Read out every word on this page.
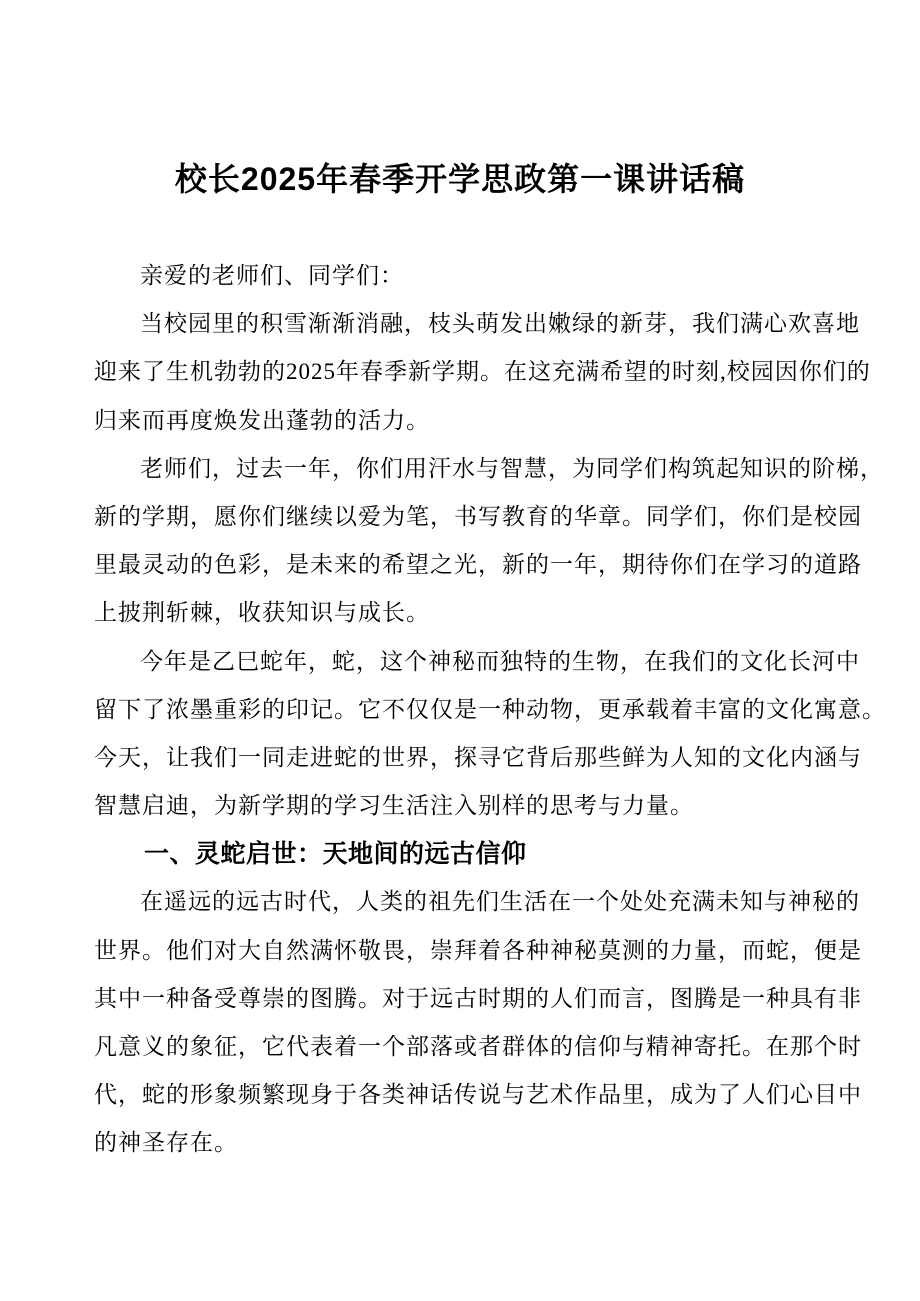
校长2025年春季开学思政第一课讲话稿
亲爱的老师们、同学们：
当校园里的积雪渐渐消融，枝头萌发出嫩绿的新芽，我们满心欢喜地
迎来了生机勃勃的2025年春季新学期。在这充满希望的时刻,校园因你们的
归来而再度焕发出蓬勃的活力。
老师们，过去一年，你们用汗水与智慧，为同学们构筑起知识的阶梯，
新的学期，愿你们继续以爱为笔，书写教育的华章。同学们，你们是校园
里最灵动的色彩，是未来的希望之光，新的一年，期待你们在学习的道路
上披荆斩棘，收获知识与成长。
今年是乙巳蛇年，蛇，这个神秘而独特的生物，在我们的文化长河中
留下了浓墨重彩的印记。它不仅仅是一种动物，更承载着丰富的文化寓意。
今天，让我们一同走进蛇的世界，探寻它背后那些鲜为人知的文化内涵与
智慧启迪，为新学期的学习生活注入别样的思考与力量。
一、灵蛇启世：天地间的远古信仰
在遥远的远古时代，人类的祖先们生活在一个处处充满未知与神秘的
世界。他们对大自然满怀敬畏，崇拜着各种神秘莫测的力量，而蛇，便是
其中一种备受尊崇的图腾。对于远古时期的人们而言，图腾是一种具有非
凡意义的象征，它代表着一个部落或者群体的信仰与精神寄托。在那个时
代，蛇的形象频繁现身于各类神话传说与艺术作品里，成为了人们心目中
的神圣存在。
